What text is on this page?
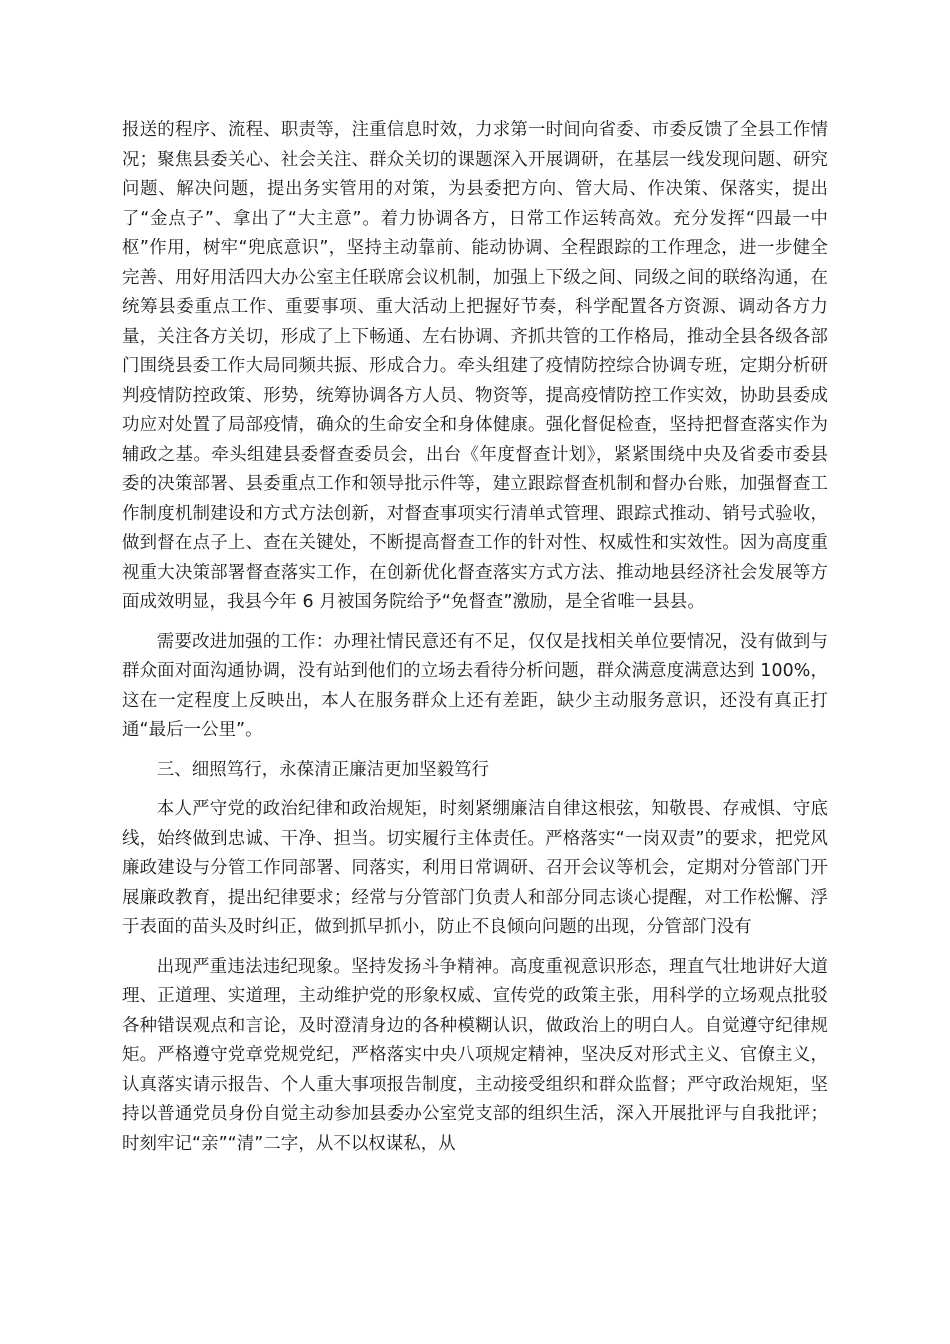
报送的程序、流程、职责等，注重信息时效，力求第一时间向省委、市委反馈了全县工作情况；聚焦县委关心、社会关注、群众关切的课题深入开展调研，在基层一线发现问题、研究问题、解决问题，提出务实管用的对策，为县委把方向、管大局、作决策、保落实，提出了“金点子”、拿出了“大主意”。着力协调各方，日常工作运转高效。充分发挥“四最一中枢”作用，树牢“兜底意识”，坚持主动靠前、能动协调、全程跟踪的工作理念，进一步健全完善、用好用活四大办公室主任联席会议机制，加强上下级之间、同级之间的联络沟通，在统筹县委重点工作、重要事项、重大活动上把握好节奏，科学配置各方资源、调动各方力量，关注各方关切，形成了上下畅通、左右协调、齐抓共管的工作格局，推动全县各级各部门围绕县委工作大局同频共振、形成合力。牵头组建了疫情防控综合协调专班，定期分析研判疫情防控政策、形势，统筹协调各方人员、物资等，提高疫情防控工作实效，协助县委成功应对处置了局部疫情，确众的生命安全和身体健康。强化督促检查，坚持把督查落实作为辅政之基。牵头组建县委督查委员会，出台《年度督查计划》，紧紧围绕中央及省委市委县委的决策部署、县委重点工作和领导批示件等，建立跟踪督查机制和督办台账，加强督查工作制度机制建设和方式方法创新，对督查事项实行清单式管理、跟踪式推动、销号式验收，做到督在点子上、查在关键处，不断提高督查工作的针对性、权威性和实效性。因为高度重视重大决策部署督查落实工作，在创新优化督查落实方式方法、推动地县经济社会发展等方面成效明显，我县今年 6 月被国务院给予“免督查”激励，是全省唯一县县。

需要改进加强的工作：办理社情民意还有不足，仅仅是找相关单位要情况，没有做到与群众面对面沟通协调，没有站到他们的立场去看待分析问题，群众满意度满意达到 100%，这在一定程度上反映出，本人在服务群众上还有差距，缺少主动服务意识，还没有真正打通“最后一公里”。

三、细照笃行，永葆清正廉洁更加坚毅笃行

本人严守党的政治纪律和政治规矩，时刻紧绷廉洁自律这根弦，知敬畏、存戒惧、守底线，始终做到忠诚、干净、担当。切实履行主体责任。严格落实“一岗双责”的要求，把党风廉政建设与分管工作同部署、同落实，利用日常调研、召开会议等机会，定期对分管部门开展廉政教育，提出纪律要求；经常与分管部门负责人和部分同志谈心提醒，对工作松懈、浮于表面的苗头及时纠正，做到抓早抓小，防止不良倾向问题的出现，分管部门没有

出现严重违法违纪现象。坚持发扬斗争精神。高度重视意识形态，理直气壮地讲好大道理、正道理、实道理，主动维护党的形象权威、宣传党的政策主张，用科学的立场观点批驳各种错误观点和言论，及时澄清身边的各种模糊认识，做政治上的明白人。自觉遵守纪律规矩。严格遵守党章党规党纪，严格落实中央八项规定精神，坚决反对形式主义、官僚主义，认真落实请示报告、个人重大事项报告制度，主动接受组织和群众监督；严守政治规矩，坚持以普通党员身份自觉主动参加县委办公室党支部的组织生活，深入开展批评与自我批评；时刻牢记“亲”“清”二字，从不以权谋私，从
